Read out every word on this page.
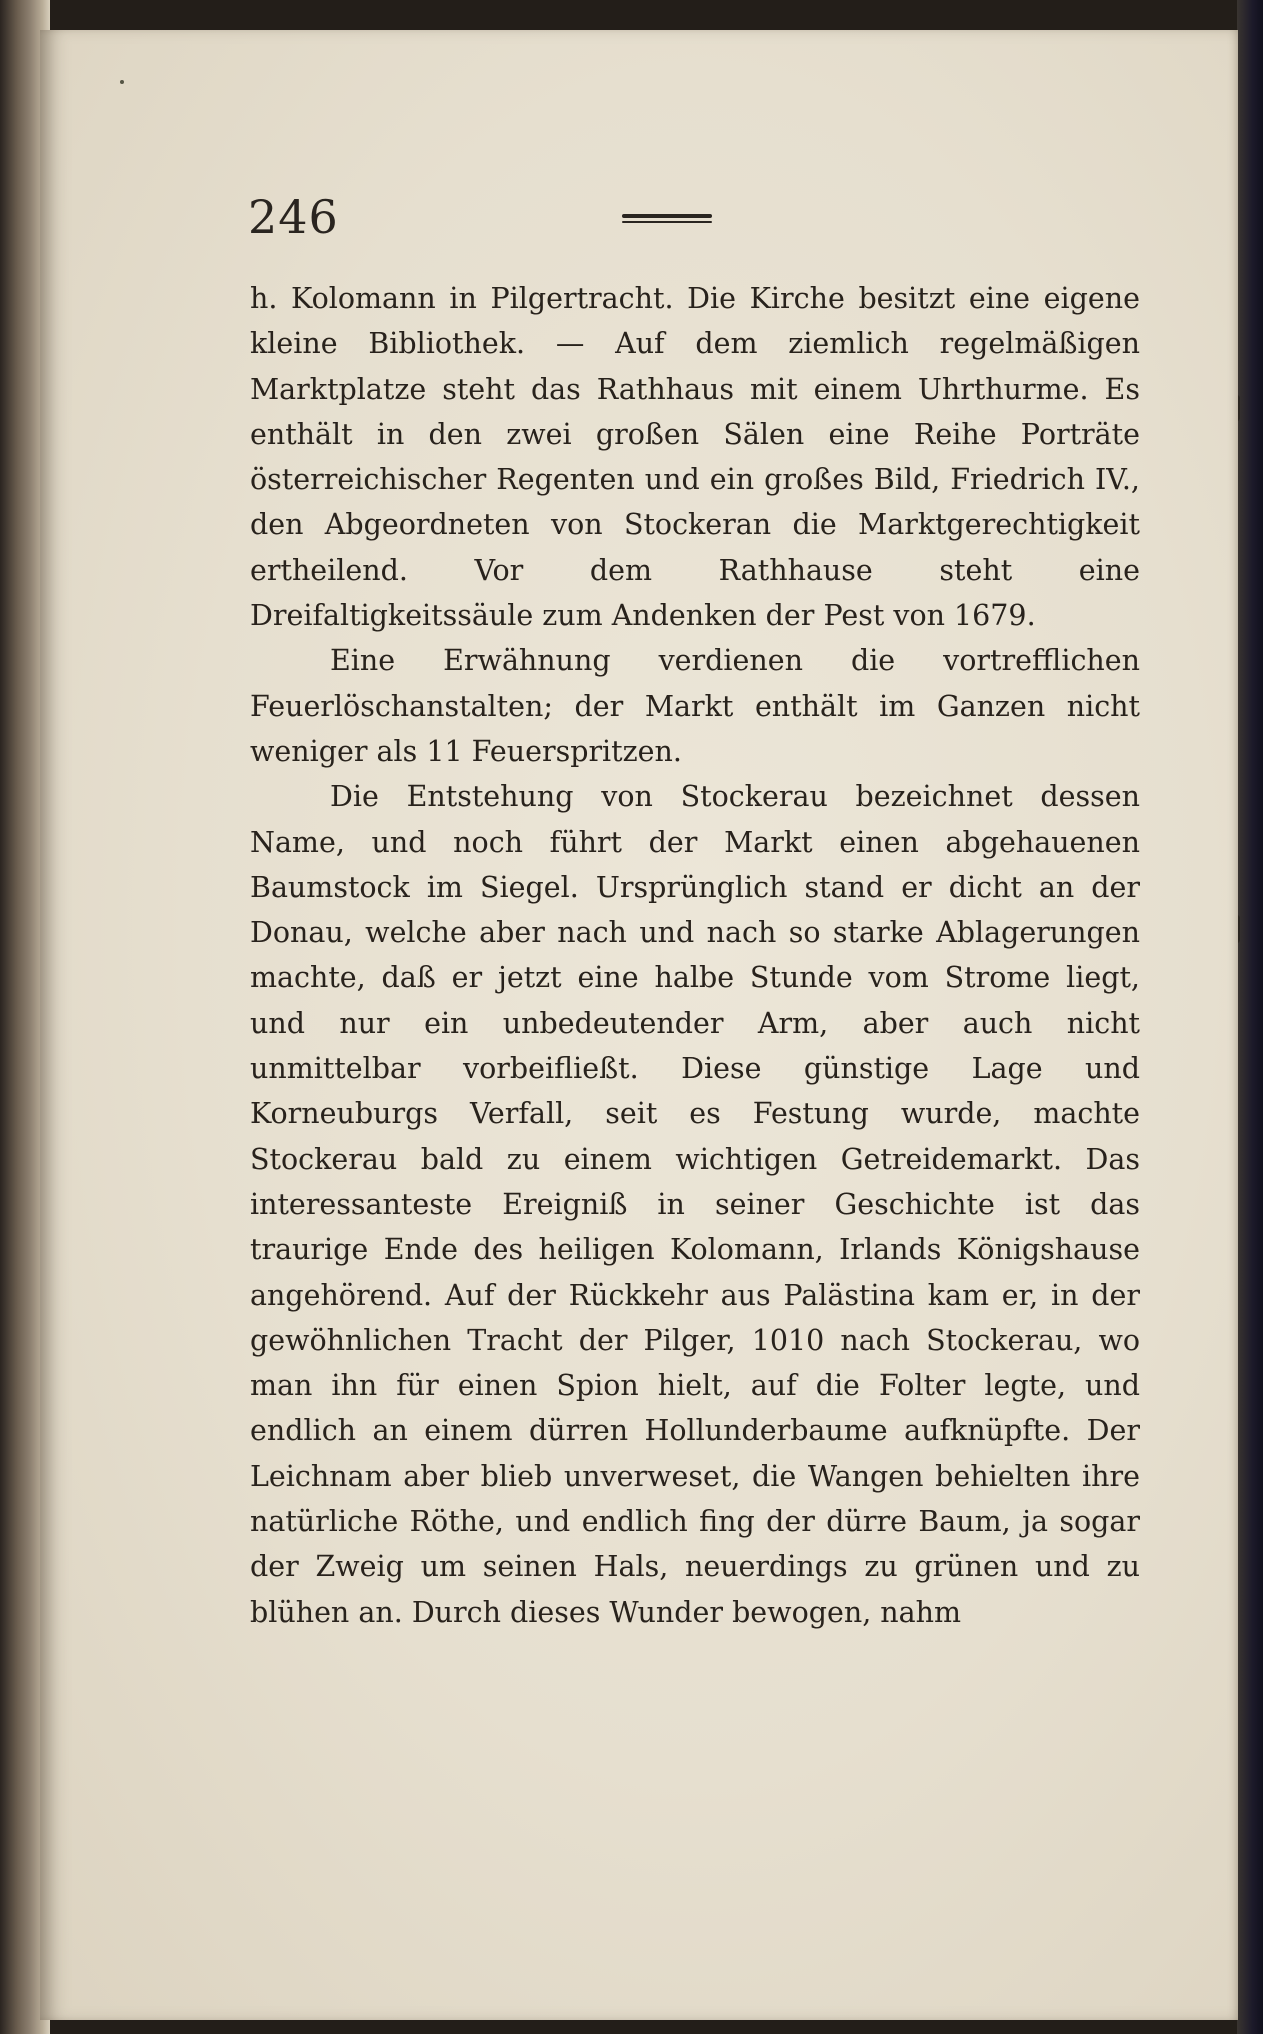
246

h. Kolomann in Pilgertracht. Die Kirche besitzt eine eigene kleine Bibliothek. — Auf dem ziemlich regelmäßigen Marktplatze steht das Rathhaus mit einem Uhrthurme. Es enthält in den zwei großen Sälen eine Reihe Porträte österreichischer Regenten und ein großes Bild, Friedrich IV., den Abgeordneten von Stockeran die Marktgerechtigkeit ertheilend. Vor dem Rathhause steht eine Dreifaltigkeitssäule zum Andenken der Pest von 1679.

Eine Erwähnung verdienen die vortrefflichen Feuerlöschanstalten; der Markt enthält im Ganzen nicht weniger als 11 Feuerspritzen.

Die Entstehung von Stockerau bezeichnet dessen Name, und noch führt der Markt einen abgehauenen Baumstock im Siegel. Ursprünglich stand er dicht an der Donau, welche aber nach und nach so starke Ablagerungen machte, daß er jetzt eine halbe Stunde vom Strome liegt, und nur ein unbedeutender Arm, aber auch nicht unmittelbar vorbeifließt. Diese günstige Lage und Korneuburgs Verfall, seit es Festung wurde, machte Stockerau bald zu einem wichtigen Getreidemarkt. Das interessanteste Ereigniß in seiner Geschichte ist das traurige Ende des heiligen Kolomann, Irlands Königshause angehörend. Auf der Rückkehr aus Palästina kam er, in der gewöhnlichen Tracht der Pilger, 1010 nach Stockerau, wo man ihn für einen Spion hielt, auf die Folter legte, und endlich an einem dürren Hollunderbaume aufknüpfte. Der Leichnam aber blieb unverweset, die Wangen behielten ihre natürliche Röthe, und endlich fing der dürre Baum, ja sogar der Zweig um seinen Hals, neuerdings zu grünen und zu blühen an. Durch dieses Wunder bewogen, nahm
